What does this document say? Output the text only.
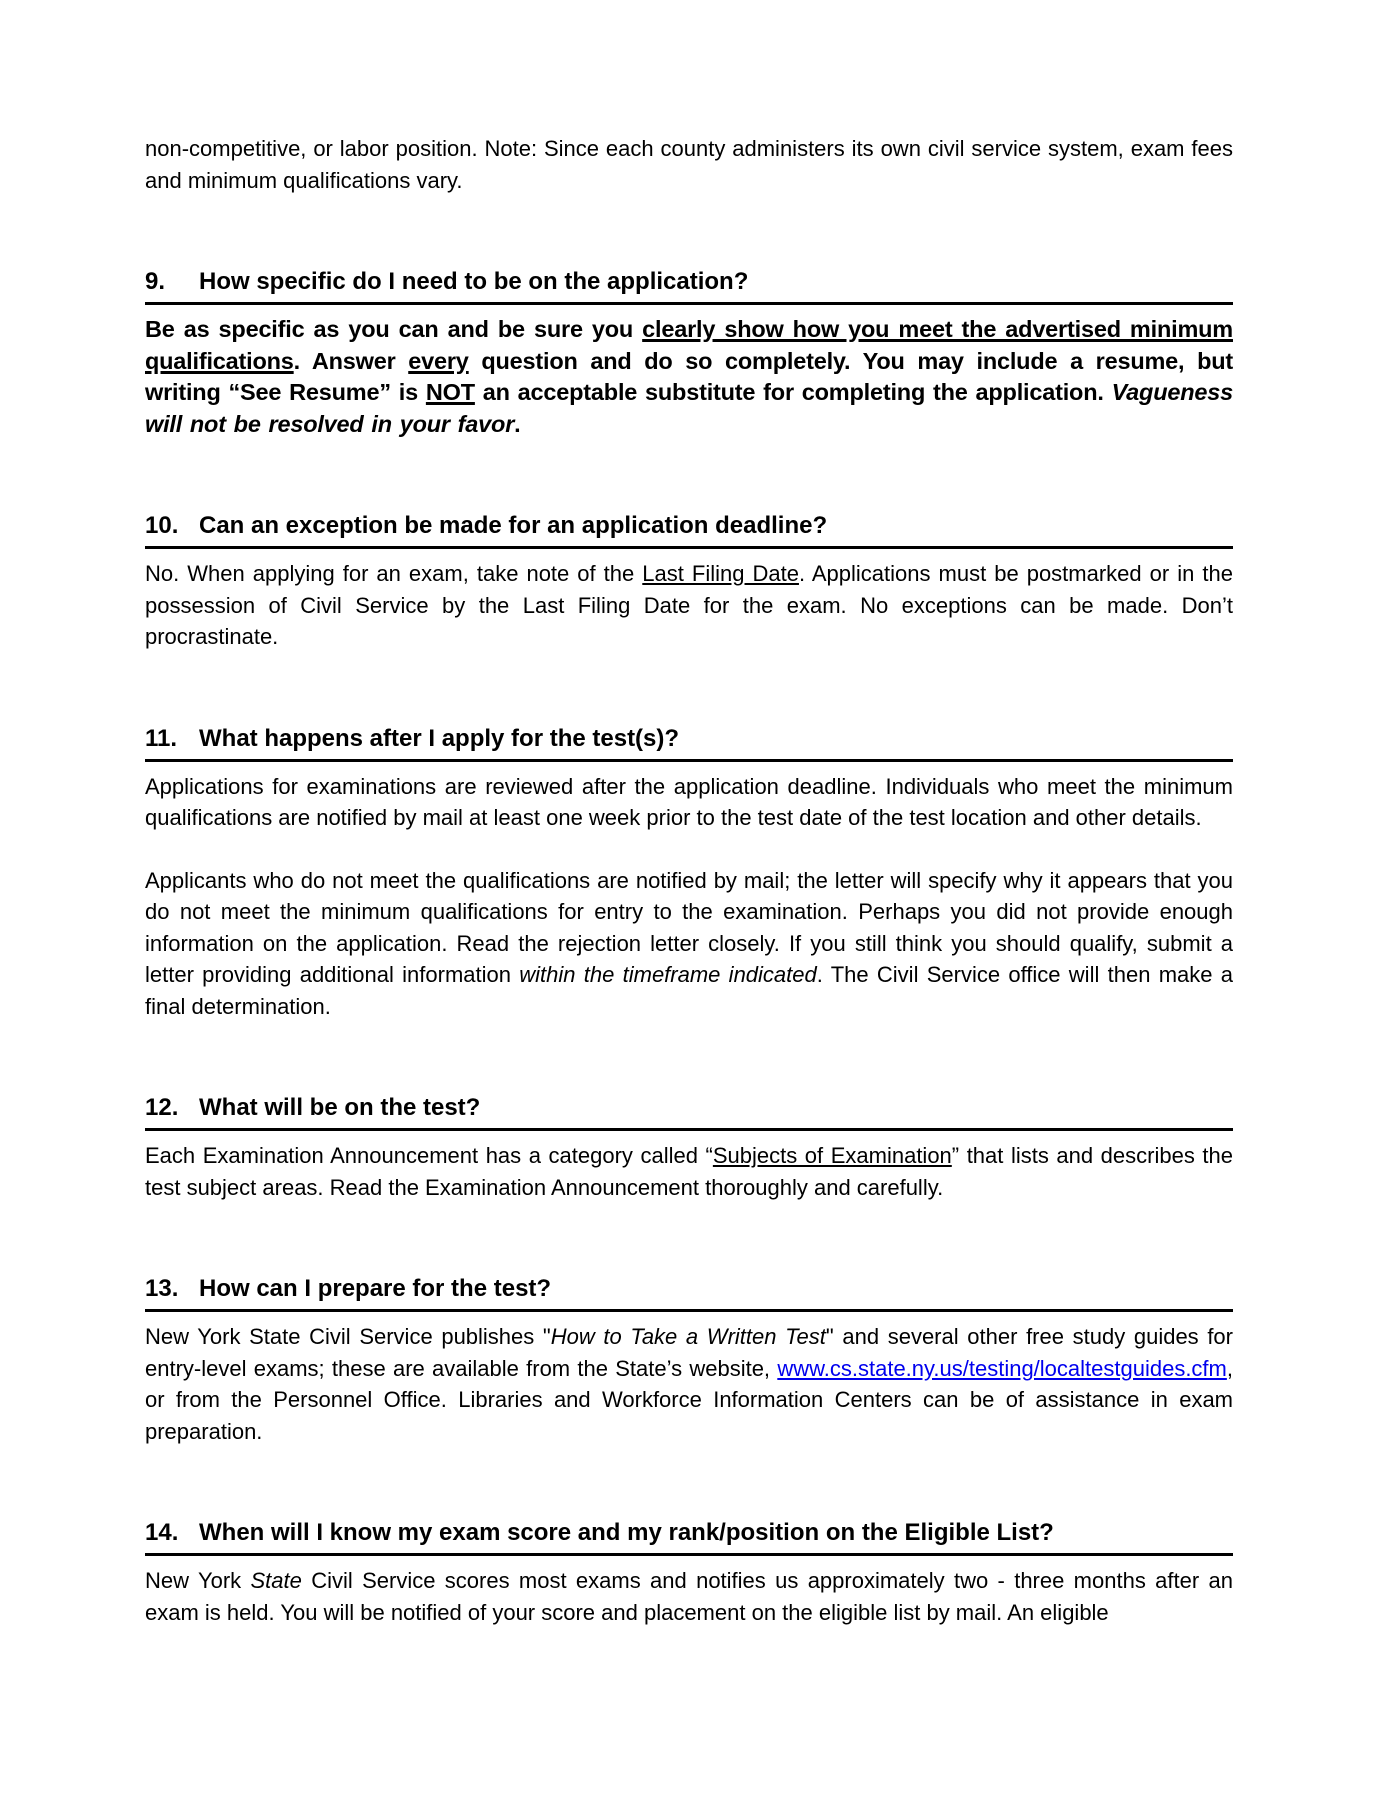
non-competitive, or labor position. Note: Since each county administers its own civil service system, exam fees and minimum qualifications vary.

9.	How specific do I need to be on the application?

Be as specific as you can and be sure you clearly show how you meet the advertised minimum qualifications. Answer every question and do so completely. You may include a resume, but writing “See Resume” is NOT an acceptable substitute for completing the application. Vagueness will not be resolved in your favor.

10. Can an exception be made for an application deadline?

No. When applying for an exam, take note of the Last Filing Date. Applications must be postmarked or in the possession of Civil Service by the Last Filing Date for the exam. No exceptions can be made. Don’t procrastinate.

11. What happens after I apply for the test(s)?

Applications for examinations are reviewed after the application deadline. Individuals who meet the minimum qualifications are notified by mail at least one week prior to the test date of the test location and other details.

Applicants who do not meet the qualifications are notified by mail; the letter will specify why it appears that you do not meet the minimum qualifications for entry to the examination. Perhaps you did not provide enough information on the application. Read the rejection letter closely. If you still think you should qualify, submit a letter providing additional information within the timeframe indicated. The Civil Service office will then make a final determination.

12. What will be on the test?

Each Examination Announcement has a category called “Subjects of Examination” that lists and describes the test subject areas. Read the Examination Announcement thoroughly and carefully.

13. How can I prepare for the test?

New York State Civil Service publishes "How to Take a Written Test" and several other free study guides for entry-level exams; these are available from the State’s website, www.cs.state.ny.us/testing/localtestguides.cfm, or from the Personnel Office. Libraries and Workforce Information Centers can be of assistance in exam preparation.

14. When will I know my exam score and my rank/position on the Eligible List?

New York State Civil Service scores most exams and notifies us approximately two - three months after an exam is held. You will be notified of your score and placement on the eligible list by mail. An eligible
